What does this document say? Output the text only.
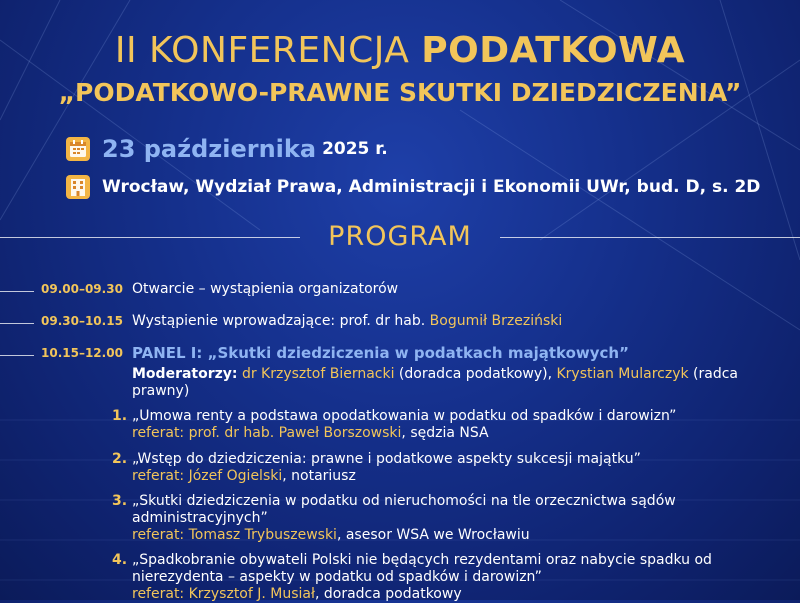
II KONFERENCJA PODATKOWA
„PODATKOWO-PRAWNE SKUTKI DZIEDZICZENIA”
23 października 2025 r.
Wrocław, Wydział Prawa, Administracji i Ekonomii UWr, bud. D, s. 2D
PROGRAM
09.00–09.30 Otwarcie – wystąpienia organizatorów
09.30–10.15 Wystąpienie wprowadzające: prof. dr hab. Bogumił Brzeziński
10.15–12.00 PANEL I: „Skutki dziedziczenia w podatkach majątkowych”
Moderatorzy: dr Krzysztof Biernacki (doradca podatkowy), Krystian Mularczyk (radca prawny)
1. „Umowa renty a podstawa opodatkowania w podatku od spadków i darowizn”
referat: prof. dr hab. Paweł Borszowski, sędzia NSA
2. „Wstęp do dziedziczenia: prawne i podatkowe aspekty sukcesji majątku”
referat: Józef Ogielski, notariusz
3. „Skutki dziedziczenia w podatku od nieruchomości na tle orzecznictwa sądów administracyjnych”
referat: Tomasz Trybuszewski, asesor WSA we Wrocławiu
4. „Spadkobranie obywateli Polski nie będących rezydentami oraz nabycie spadku od nierezydenta – aspekty w podatku od spadków i darowizn”
referat: Krzysztof J. Musiał, doradca podatkowy
